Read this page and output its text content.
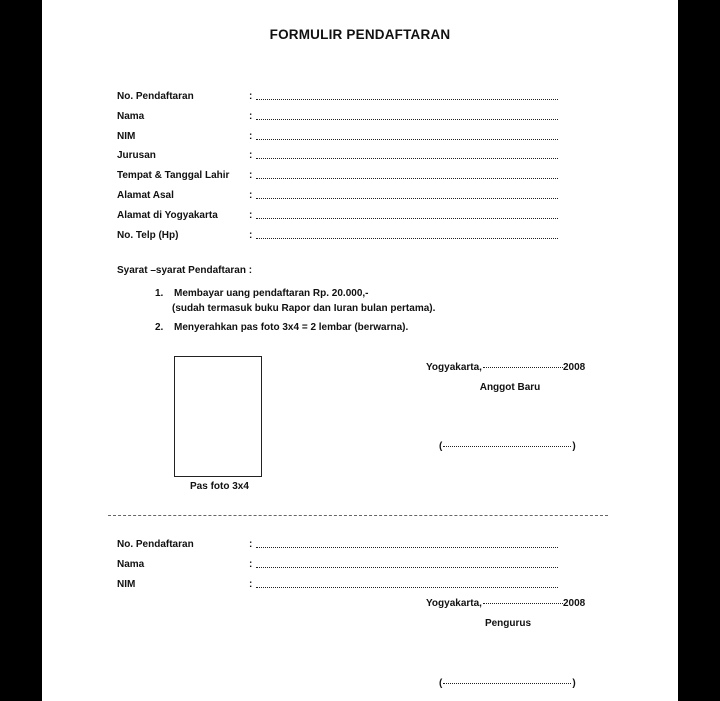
FORMULIR PENDAFTARAN
No. Pendaftaran	:
Nama	:
NIM	:
Jurusan	:
Tempat & Tanggal Lahir :
Alamat Asal	:
Alamat di Yogyakarta	:
No. Telp (Hp)	:
Syarat –syarat Pendaftaran :
1. Membayar uang pendaftaran Rp. 20.000,-
(sudah termasuk buku Rapor dan Iuran bulan pertama).
2. Menyerahkan pas foto 3x4 = 2 lembar (berwarna).
Pas foto 3x4
Yogyakarta,	2008
Anggot Baru
(	)
No. Pendaftaran	:
Nama	:
NIM	:
Yogyakarta,	2008
Pengurus
(	)
